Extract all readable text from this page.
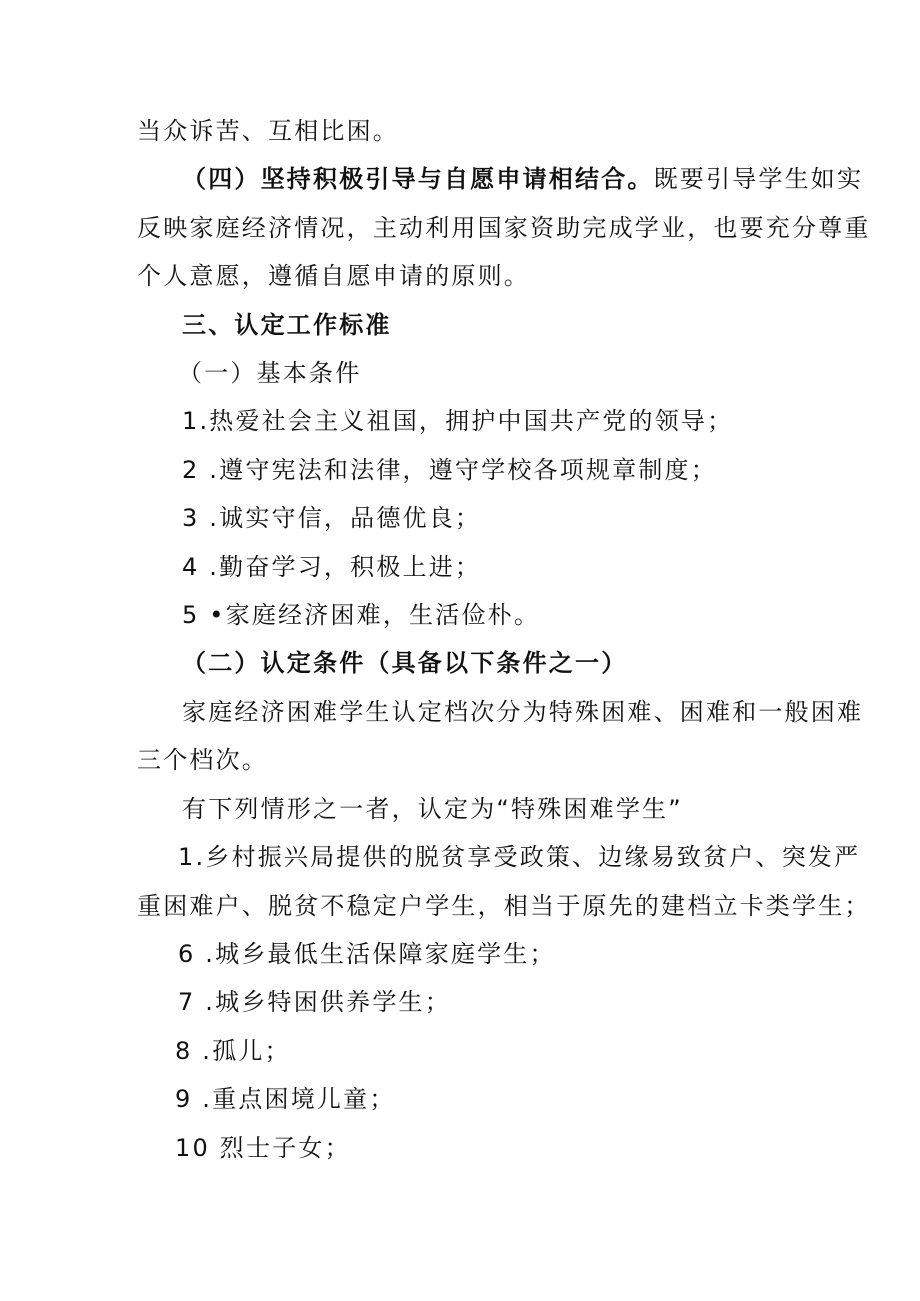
当众诉苦、互相比困。
（四）坚持积极引导与自愿申请相结合。既要引导学生如实
反映家庭经济情况，主动利用国家资助完成学业，也要充分尊重
个人意愿，遵循自愿申请的原则。
三、认定工作标准
（一）基本条件
1.热爱社会主义祖国，拥护中国共产党的领导；
2 .遵守宪法和法律，遵守学校各项规章制度；
3 .诚实守信，品德优良；
4 .勤奋学习，积极上进；
5 •家庭经济困难，生活俭朴。
（二）认定条件（具备以下条件之一）
家庭经济困难学生认定档次分为特殊困难、困难和一般困难
三个档次。
有下列情形之一者，认定为“特殊困难学生”
1.乡村振兴局提供的脱贫享受政策、边缘易致贫户、突发严
重困难户、脱贫不稳定户学生，相当于原先的建档立卡类学生；
6 .城乡最低生活保障家庭学生；
7 .城乡特困供养学生；
8 .孤儿；
9 .重点困境儿童；
10 烈士子女；
